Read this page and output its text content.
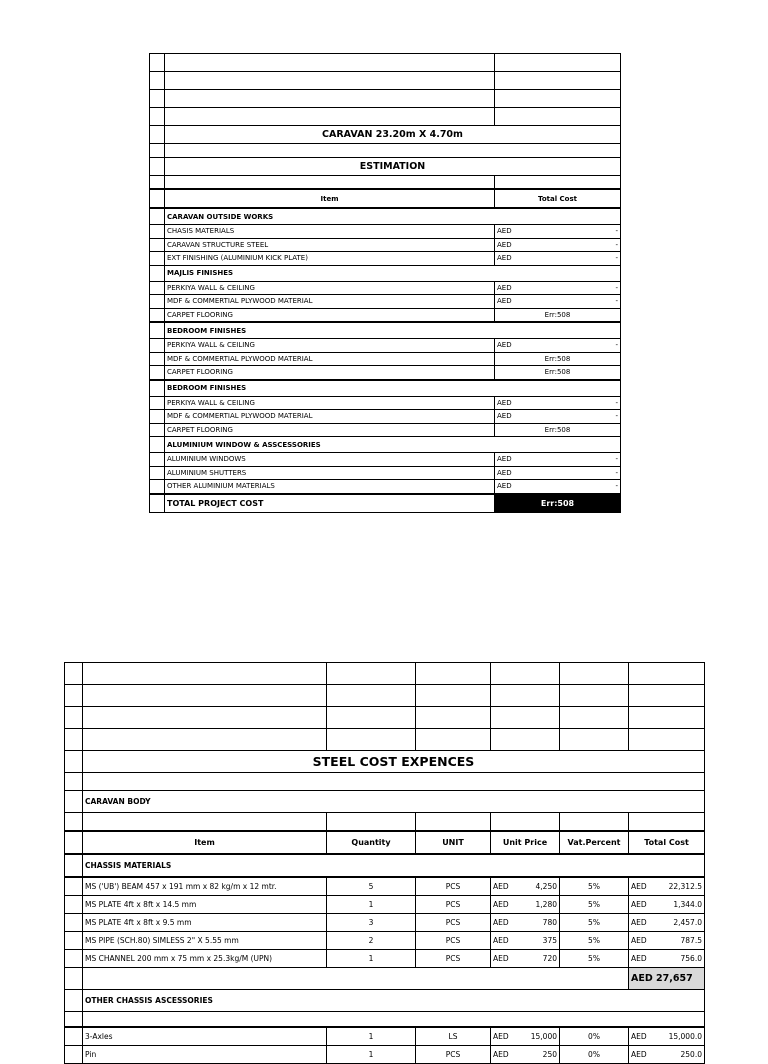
	CARAVAN 23.20m X 4.70m	

	ESTIMATION	

	Item	Total Cost
	CARAVAN OUTSIDE WORKS	
	CHASIS MATERIALS	AED -

	CARAVAN STRUCTURE STEEL	AED -

	EXT FINISHING (ALUMINIUM KICK PLATE)	AED -

	MAJLIS FINISHES	
	PERKIYA WALL & CEILING	AED -

	MDF & COMMERTIAL PLYWOOD MATERIAL	AED -

	CARPET FLOORING	Err:508
	BEDROOM FINISHES	
	PERKIYA WALL & CEILING	AED -

	MDF & COMMERTIAL PLYWOOD MATERIAL	Err:508
	CARPET FLOORING	Err:508
	BEDROOM FINISHES	
	PERKIYA WALL & CEILING	AED -

	MDF & COMMERTIAL PLYWOOD MATERIAL	AED -

	CARPET FLOORING	Err:508
	ALUMINIUM WINDOW & ASSCESSORIES	
	ALUMINIUM WINDOWS	AED -

	ALUMINIUM SHUTTERS	AED -

	OTHER ALUMINIUM MATERIALS	AED -

	TOTAL PROJECT COST	Err:508

	STEEL COST EXPENCES					

	CARAVAN BODY					

	Item	Quantity	UNIT	Unit Price	Vat.Percent	Total Cost
	CHASSIS MATERIALS					
	MS ('UB') BEAM 457 x 191 mm x 82 kg/m x 12 mtr.	5	PCS	AED 4,250	5%	AED 22,312.5

	MS PLATE 4ft x 8ft x 14.5 mm	1	PCS	AED 1,280	5%	AED 1,344.0

	MS PLATE 4ft x 8ft x 9.5 mm	3	PCS	AED 780	5%	AED 2,457.0

	MS PIPE (SCH.80) SIMLESS 2" X 5.55 mm	2	PCS	AED 375	5%	AED 787.5

	MS CHANNEL 200 mm x 75 mm x 25.3kg/M (UPN)	1	PCS	AED 720	5%	AED 756.0

						AED 27,657
	OTHER CHASSIS ASCESSORIES					

	3-Axles	1	LS	AED 15,000	0%	AED 15,000.0

	Pin	1	PCS	AED 250	0%	AED 250.0
